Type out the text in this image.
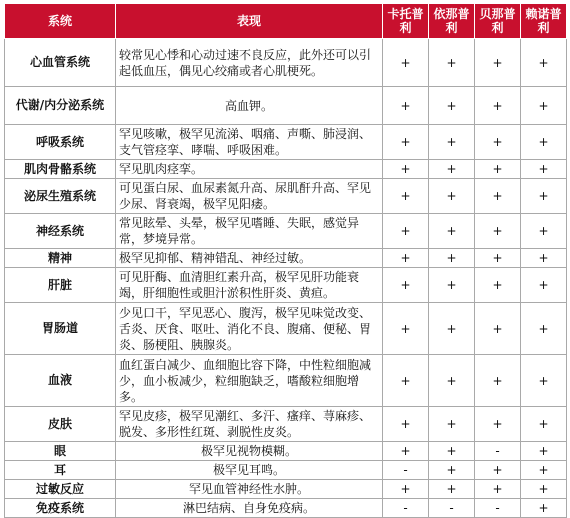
系统	表现	卡托普利	依那普利	贝那普利	赖诺普利
心血管系统	较常见心悸和心动过速不良反应，此外还可以引起低血压，偶见心绞痛或者心肌梗死。	+	+	+	+
代谢/内分泌系统	高血钾。	+	+	+	+
呼吸系统	罕见咳嗽，极罕见流涕、咽痛、声嘶、肺浸润、支气管痉挛、哮喘、呼吸困难。	+	+	+	+
肌肉骨骼系统	罕见肌肉痉挛。	+	+	+	+
泌尿生殖系统	可见蛋白尿、血尿素氮升高、尿肌酐升高、罕见少尿、肾衰竭，极罕见阳痿。	+	+	+	+
神经系统	常见眩晕、头晕，极罕见嗜睡、失眠，感觉异常，梦境异常。	+	+	+	+
精神	极罕见抑郁、精神错乱、神经过敏。	+	+	+	+
肝脏	可见肝酶、血清胆红素升高，极罕见肝功能衰竭，肝细胞性或胆汁淤积性肝炎、黄疸。	+	+	+	+
胃肠道	少见口干，罕见恶心、腹泻，极罕见味觉改变、舌炎、厌食、呕吐、消化不良、腹痛、便秘、胃炎、肠梗阻、胰腺炎。	+	+	+	+
血液	血红蛋白减少、血细胞比容下降，中性粒细胞减少，血小板减少，粒细胞缺乏，嗜酸粒细胞增多。	+	+	+	+
皮肤	罕见皮疹，极罕见潮红、多汗、瘙痒、荨麻疹、脱发、多形性红斑、剥脱性皮炎。	+	+	+	+
眼	极罕见视物模糊。	+	+	-	+
耳	极罕见耳鸣。	-	+	+	+
过敏反应	罕见血管神经性水肿。	+	+	+	+
免疫系统	淋巴结病、自身免疫病。	-	-	-	+
